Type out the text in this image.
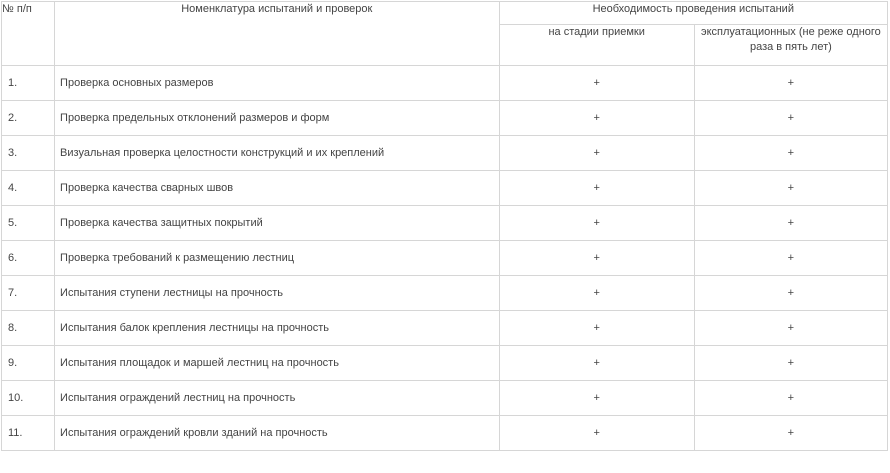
№ п/п	Номенклатура испытаний и проверок	Необходимость проведения испытаний	
		на стадии приемки	эксплуатационных (не реже одного раза в пять лет)
1.	Проверка основных размеров	+	+
2.	Проверка предельных отклонений размеров и форм	+	+
3.	Визуальная проверка целостности конструкций и их креплений	+	+
4.	Проверка качества сварных швов	+	+
5.	Проверка качества защитных покрытий	+	+
6.	Проверка требований к размещению лестниц	+	+
7.	Испытания ступени лестницы на прочность	+	+
8.	Испытания балок крепления лестницы на прочность	+	+
9.	Испытания площадок и маршей лестниц на прочность	+	+
10.	Испытания ограждений лестниц на прочность	+	+
11.	Испытания ограждений кровли зданий на прочность	+	+
